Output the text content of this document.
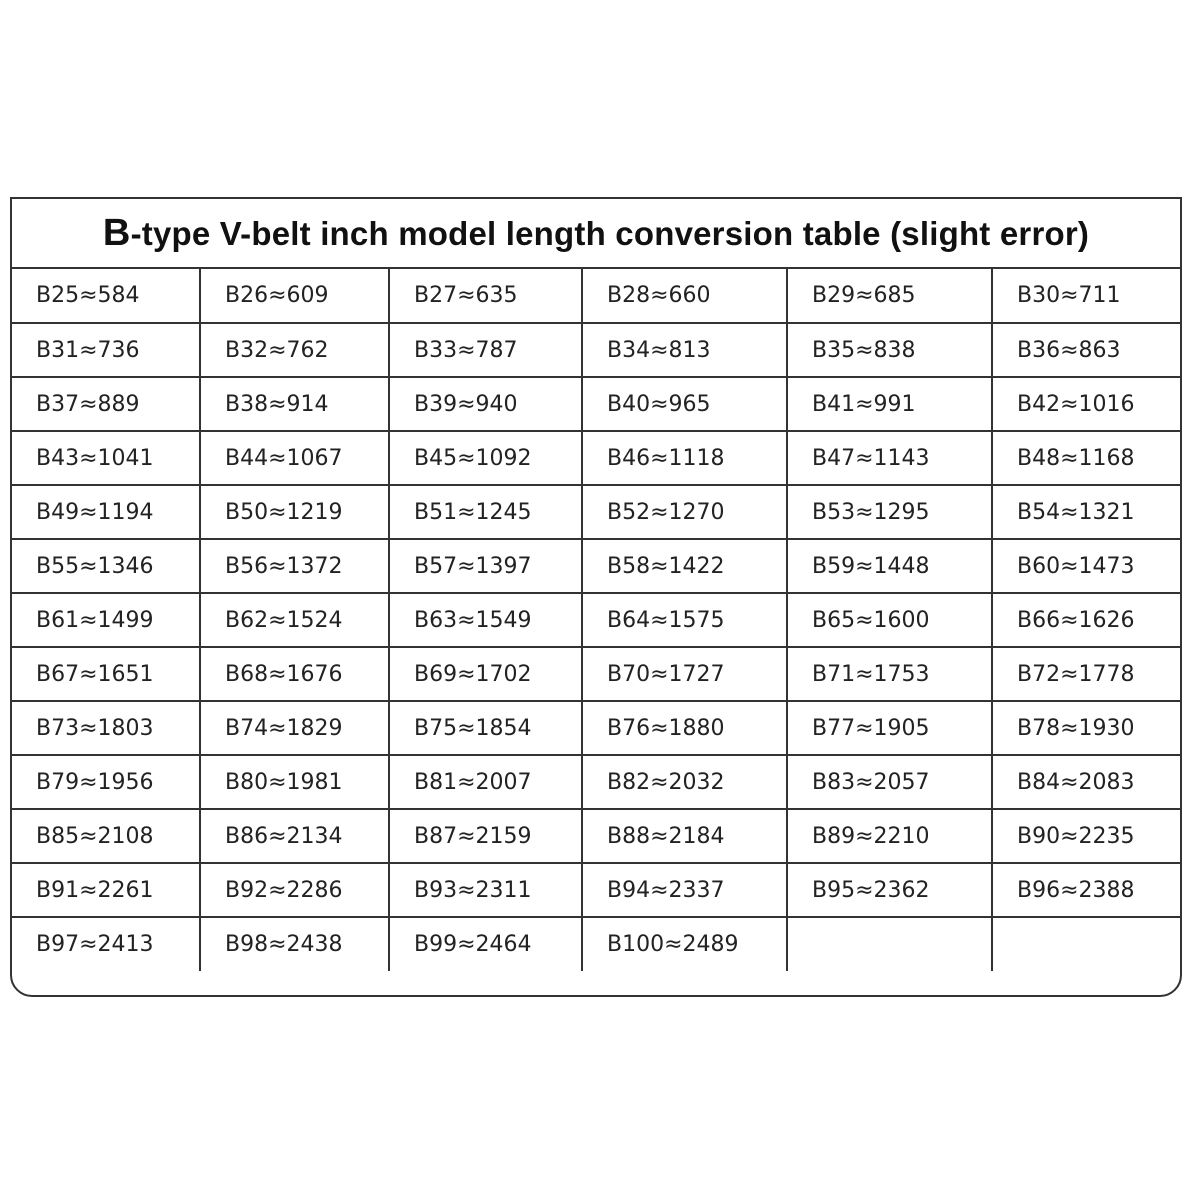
B-type V-belt inch model length conversion table (slight error)
B25≈584	B26≈609	B27≈635	B28≈660	B29≈685	B30≈711
B31≈736	B32≈762	B33≈787	B34≈813	B35≈838	B36≈863
B37≈889	B38≈914	B39≈940	B40≈965	B41≈991	B42≈1016
B43≈1041	B44≈1067	B45≈1092	B46≈1118	B47≈1143	B48≈1168
B49≈1194	B50≈1219	B51≈1245	B52≈1270	B53≈1295	B54≈1321
B55≈1346	B56≈1372	B57≈1397	B58≈1422	B59≈1448	B60≈1473
B61≈1499	B62≈1524	B63≈1549	B64≈1575	B65≈1600	B66≈1626
B67≈1651	B68≈1676	B69≈1702	B70≈1727	B71≈1753	B72≈1778
B73≈1803	B74≈1829	B75≈1854	B76≈1880	B77≈1905	B78≈1930
B79≈1956	B80≈1981	B81≈2007	B82≈2032	B83≈2057	B84≈2083
B85≈2108	B86≈2134	B87≈2159	B88≈2184	B89≈2210	B90≈2235
B91≈2261	B92≈2286	B93≈2311	B94≈2337	B95≈2362	B96≈2388
B97≈2413	B98≈2438	B99≈2464	B100≈2489		
